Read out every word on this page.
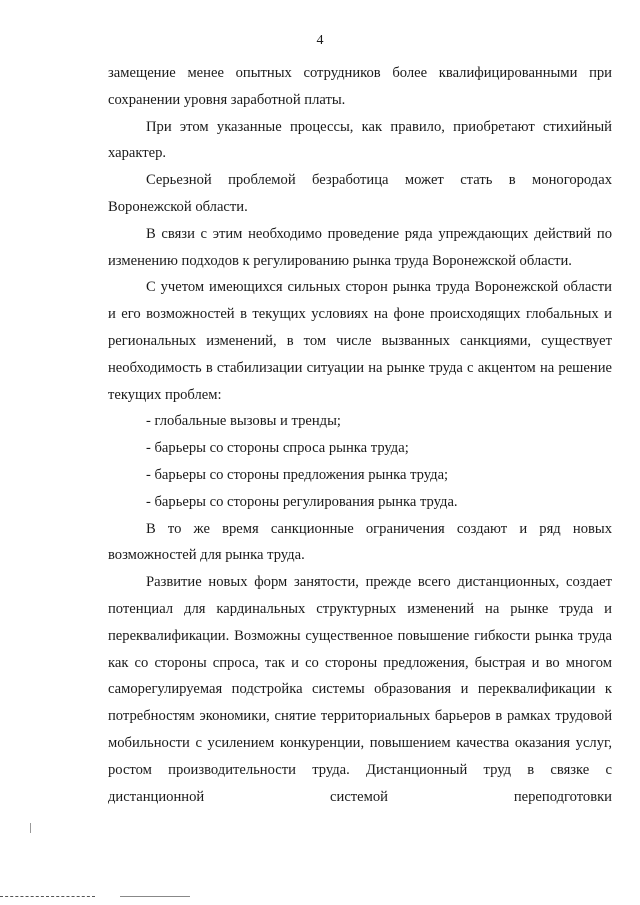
4

замещение менее опытных сотрудников более квалифицированными при сохранении уровня заработной платы.

При этом указанные процессы, как правило, приобретают стихийный характер.

Серьезной проблемой безработица может стать в моногородах Воронежской области.

В связи с этим необходимо проведение ряда упреждающих действий по изменению подходов к регулированию рынка труда Воронежской области.

С учетом имеющихся сильных сторон рынка труда Воронежской области и его возможностей в текущих условиях на фоне происходящих глобальных и региональных изменений, в том числе вызванных санкциями, существует необходимость в стабилизации ситуации на рынке труда с акцентом на решение текущих проблем:

- глобальные вызовы и тренды;

- барьеры со стороны спроса рынка труда;

- барьеры со стороны предложения рынка труда;

- барьеры со стороны регулирования рынка труда.

В то же время санкционные ограничения создают и ряд новых возможностей для рынка труда.

Развитие новых форм занятости, прежде всего дистанционных, создает потенциал для кардинальных структурных изменений на рынке труда и переквалификации. Возможны существенное повышение гибкости рынка труда как со стороны спроса, так и со стороны предложения, быстрая и во многом саморегулируемая подстройка системы образования и переквалификации к потребностям экономики, снятие территориальных барьеров в рамках трудовой мобильности с усилением конкуренции, повышением качества оказания услуг, ростом производительности труда. Дистанционный труд в связке с дистанционной системой переподготовки
